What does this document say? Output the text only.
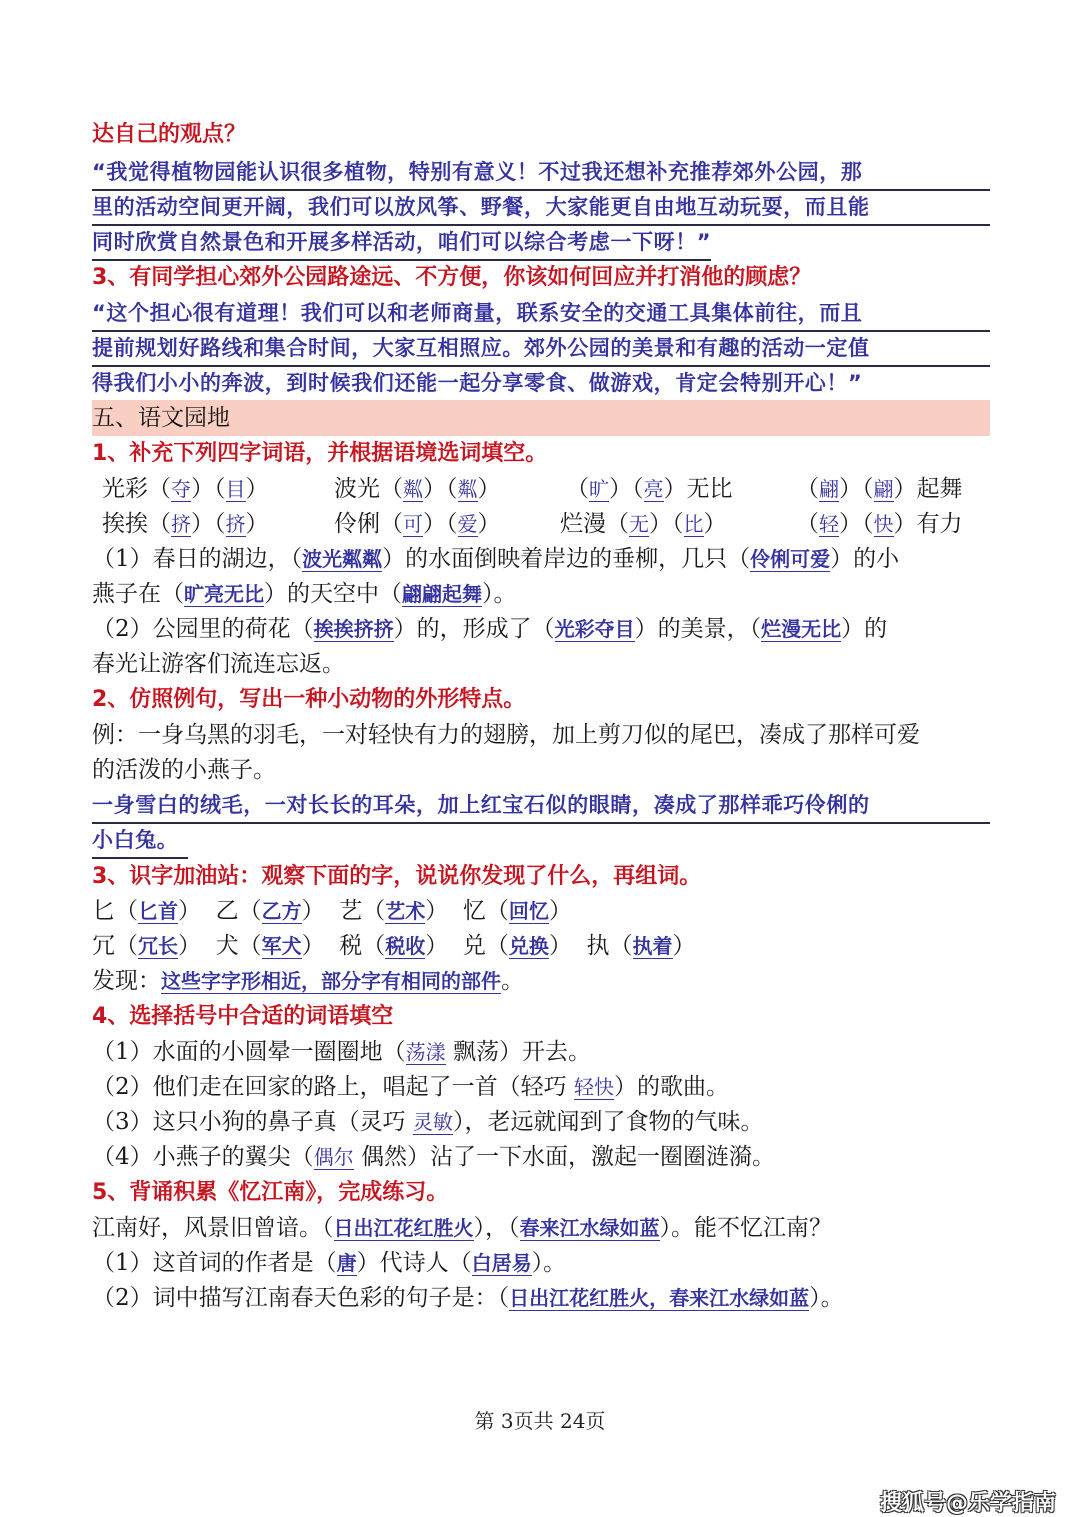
达自己的观点？
“我觉得植物园能认识很多植物，特别有意义！不过我还想补充推荐郊外公园，那
里的活动空间更开阔，我们可以放风筝、野餐，大家能更自由地互动玩耍，而且能
同时欣赏自然景色和开展多样活动，咱们可以综合考虑一下呀！”
3、有同学担心郊外公园路途远、不方便，你该如何回应并打消他的顾虑？
“这个担心很有道理！我们可以和老师商量，联系安全的交通工具集体前往，而且
提前规划好路线和集合时间，大家互相照应。郊外公园的美景和有趣的活动一定值
得我们小小的奔波，到时候我们还能一起分享零食、做游戏，肯定会特别开心！”
五、语文园地
1、补充下列四字词语，并根据语境选词填空。
光彩（夺）（目）	波光（粼）（粼）	（旷）（亮）无比	（翩）（翩）起舞
挨挨（挤）（挤）	伶俐（可）（爱）	烂漫（无）（比）	（轻）（快）有力
（1）春日的湖边，（波光粼粼）的水面倒映着岸边的垂柳，几只（伶俐可爱）的小
燕子在（旷亮无比）的天空中（翩翩起舞）。
（2）公园里的荷花（挨挨挤挤）的，形成了（光彩夺目）的美景，（烂漫无比）的
春光让游客们流连忘返。
2、仿照例句，写出一种小动物的外形特点。
例：一身乌黑的羽毛，一对轻快有力的翅膀，加上剪刀似的尾巴，凑成了那样可爱
的活泼的小燕子。
一身雪白的绒毛，一对长长的耳朵，加上红宝石似的眼睛，凑成了那样乖巧伶俐的
小白兔。
3、识字加油站：观察下面的字，说说你发现了什么，再组词。
匕（匕首）  乙（乙方）  艺（艺术）  忆（回忆）
冗（冗长）  犬（军犬）  税（税收）  兑（兑换）  执（执着）
发现：这些字字形相近，部分字有相同的部件。
4、选择括号中合适的词语填空
（1）水面的小圆晕一圈圈地（荡漾 飘荡）开去。
（2）他们走在回家的路上，唱起了一首（轻巧 轻快）的歌曲。
（3）这只小狗的鼻子真（灵巧 灵敏），老远就闻到了食物的气味。
（4）小燕子的翼尖（偶尔 偶然）沾了一下水面，激起一圈圈涟漪。
5、背诵积累《忆江南》，完成练习。
江南好，风景旧曾谙。（日出江花红胜火），（春来江水绿如蓝）。能不忆江南？
（1）这首词的作者是（唐）代诗人（白居易）。
（2）词中描写江南春天色彩的句子是：（日出江花红胜火，春来江水绿如蓝）。
第 3页共 24页
搜狐号@乐学指南
